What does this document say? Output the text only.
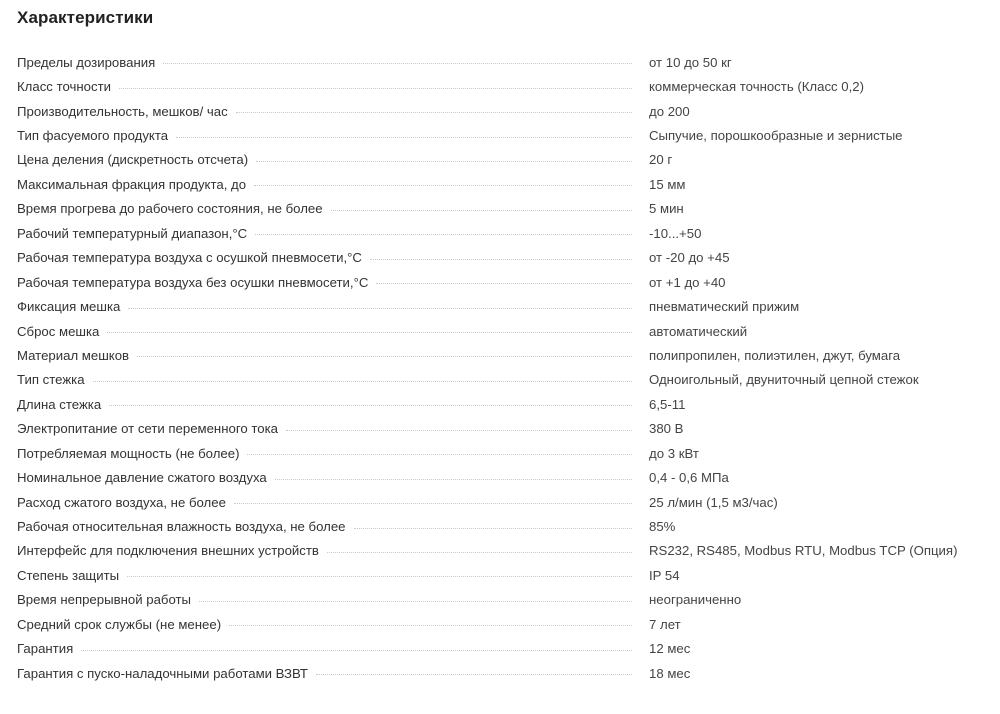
Характеристики
Пределы дозирования	от 10 до 50 кг
Класс точности	коммерческая точность (Класс 0,2)
Производительность, мешков/ час	до 200
Тип фасуемого продукта	Сыпучие, порошкообразные и зернистые
Цена деления (дискретность отсчета)	20 г
Максимальная фракция продукта, до	15 мм
Время прогрева до рабочего состояния, не более	5 мин
Рабочий температурный диапазон,°С	-10...+50
Рабочая температура воздуха с осушкой пневмосети,°С	от -20 до +45
Рабочая температура воздуха без осушки пневмосети,°С	от +1 до +40
Фиксация мешка	пневматический прижим
Сброс мешка	автоматический
Материал мешков	полипропилен, полиэтилен, джут, бумага
Тип стежка	Одноигольный, двуниточный цепной стежок
Длина стежка	6,5-11
Электропитание от сети переменного тока	380 В
Потребляемая мощность (не более)	до 3 кВт
Номинальное давление сжатого воздуха	0,4 - 0,6 МПа
Расход сжатого воздуха, не более	25 л/мин (1,5 м3/час)
Рабочая относительная влажность воздуха, не более	85%
Интерфейс для подключения внешних устройств	RS232, RS485, Modbus RTU, Modbus TCP (Опция)
Степень защиты	IP 54
Время непрерывной работы	неограниченно
Средний срок службы (не менее)	7 лет
Гарантия	12 мес
Гарантия с пуско-наладочными работами ВЗВТ	18 мес
